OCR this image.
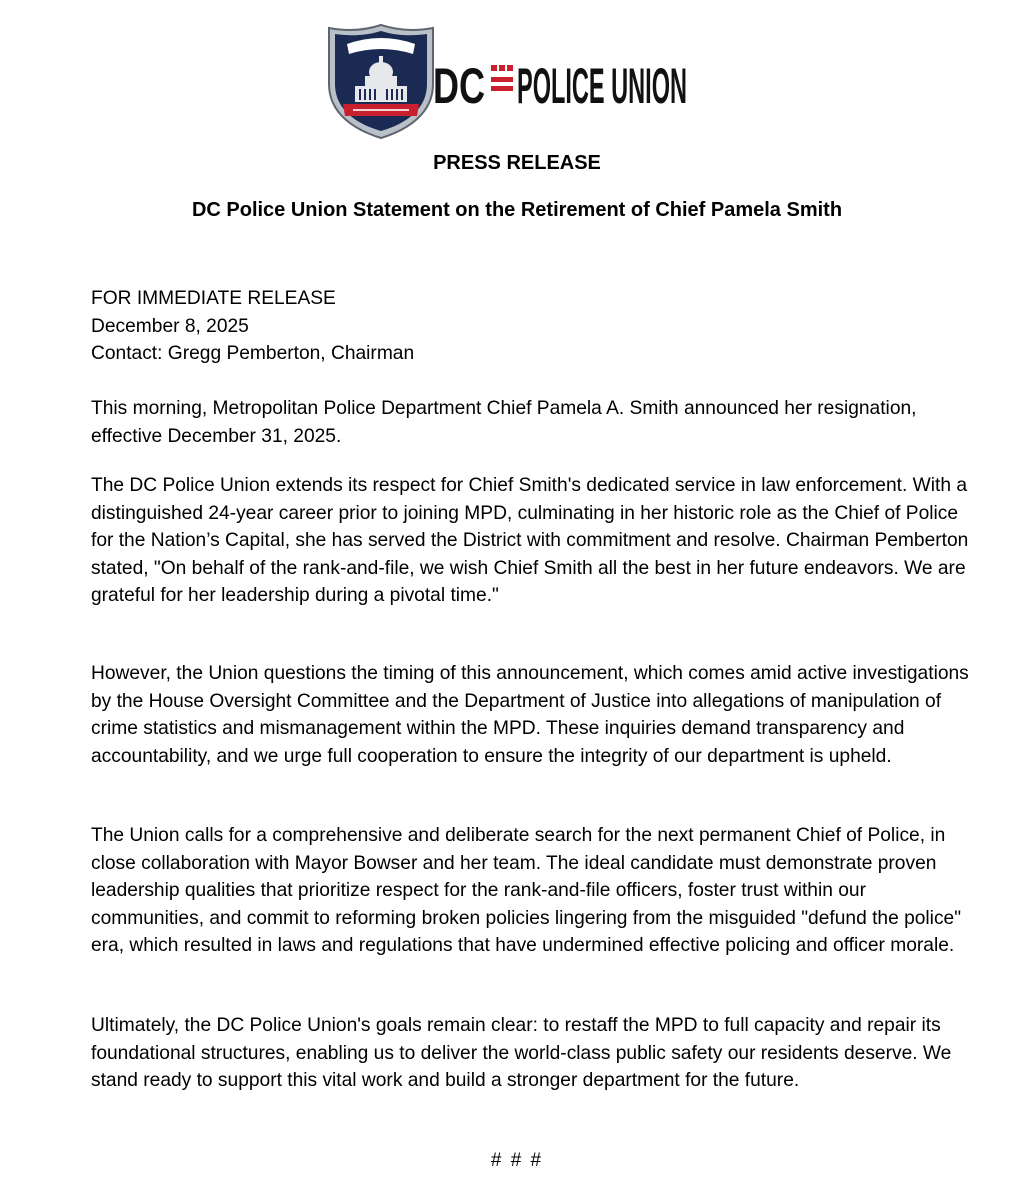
DC POLICE UNION
PRESS RELEASE
DC Police Union Statement on the Retirement of Chief Pamela Smith
FOR IMMEDIATE RELEASE
December 8, 2025
Contact: Gregg Pemberton, Chairman
This morning, Metropolitan Police Department Chief Pamela A. Smith announced her resignation, effective December 31, 2025.
The DC Police Union extends its respect for Chief Smith's dedicated service in law enforcement. With a distinguished 24-year career prior to joining MPD, culminating in her historic role as the Chief of Police for the Nation’s Capital, she has served the District with commitment and resolve. Chairman Pemberton stated, "On behalf of the rank-and-file, we wish Chief Smith all the best in her future endeavors. We are grateful for her leadership during a pivotal time."
However, the Union questions the timing of this announcement, which comes amid active investigations by the House Oversight Committee and the Department of Justice into allegations of manipulation of crime statistics and mismanagement within the MPD. These inquiries demand transparency and accountability, and we urge full cooperation to ensure the integrity of our department is upheld.
The Union calls for a comprehensive and deliberate search for the next permanent Chief of Police, in close collaboration with Mayor Bowser and her team. The ideal candidate must demonstrate proven leadership qualities that prioritize respect for the rank-and-file officers, foster trust within our communities, and commit to reforming broken policies lingering from the misguided "defund the police" era, which resulted in laws and regulations that have undermined effective policing and officer morale.
Ultimately, the DC Police Union's goals remain clear: to restaff the MPD to full capacity and repair its foundational structures, enabling us to deliver the world-class public safety our residents deserve. We stand ready to support this vital work and build a stronger department for the future.
# # #
